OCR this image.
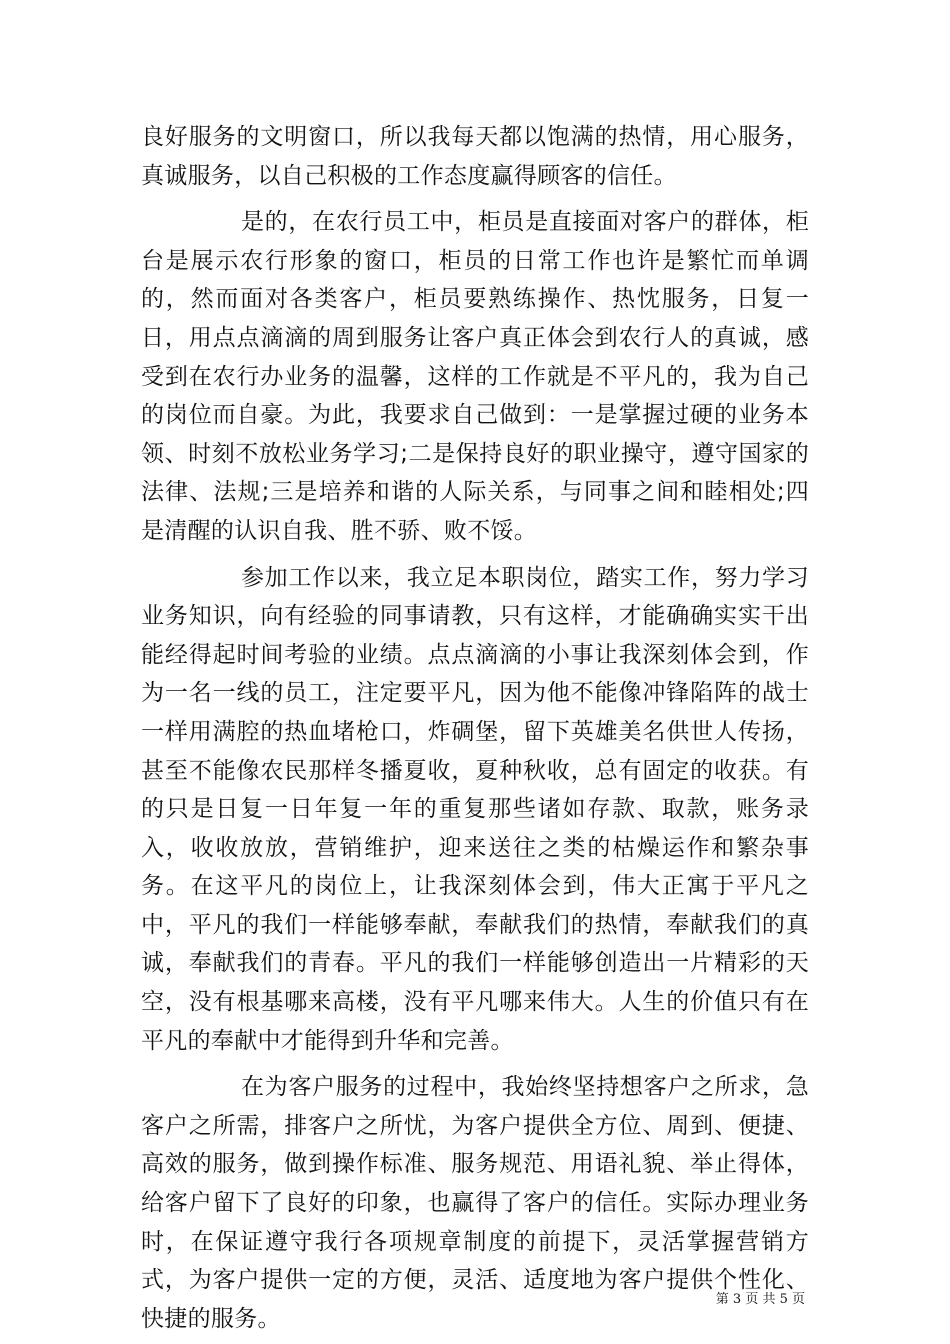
良好服务的文明窗口，所以我每天都以饱满的热情，用心服务，真诚服务，以自己积极的工作态度赢得顾客的信任。

是的，在农行员工中，柜员是直接面对客户的群体，柜台是展示农行形象的窗口，柜员的日常工作也许是繁忙而单调的，然而面对各类客户，柜员要熟练操作、热忱服务，日复一日，用点点滴滴的周到服务让客户真正体会到农行人的真诚，感受到在农行办业务的温馨，这样的工作就是不平凡的，我为自己的岗位而自豪。为此，我要求自己做到：一是掌握过硬的业务本领、时刻不放松业务学习;二是保持良好的职业操守，遵守国家的法律、法规;三是培养和谐的人际关系，与同事之间和睦相处;四是清醒的认识自我、胜不骄、败不馁。

参加工作以来，我立足本职岗位，踏实工作，努力学习业务知识，向有经验的同事请教，只有这样，才能确确实实干出能经得起时间考验的业绩。点点滴滴的小事让我深刻体会到，作为一名一线的员工，注定要平凡，因为他不能像冲锋陷阵的战士一样用满腔的热血堵枪口，炸碉堡，留下英雄美名供世人传扬，甚至不能像农民那样冬播夏收，夏种秋收，总有固定的收获。有的只是日复一日年复一年的重复那些诸如存款、取款，账务录入，收收放放，营销维护，迎来送往之类的枯燥运作和繁杂事务。在这平凡的岗位上，让我深刻体会到，伟大正寓于平凡之中，平凡的我们一样能够奉献，奉献我们的热情，奉献我们的真诚，奉献我们的青春。平凡的我们一样能够创造出一片精彩的天空，没有根基哪来高楼，没有平凡哪来伟大。人生的价值只有在平凡的奉献中才能得到升华和完善。

在为客户服务的过程中，我始终坚持想客户之所求，急客户之所需，排客户之所忧，为客户提供全方位、周到、便捷、高效的服务，做到操作标准、服务规范、用语礼貌、举止得体，给客户留下了良好的印象，也赢得了客户的信任。实际办理业务时，在保证遵守我行各项规章制度的前提下，灵活掌握营销方式，为客户提供一定的方便，灵活、适度地为客户提供个性化、快捷的服务。

第 3 页 共 5 页
